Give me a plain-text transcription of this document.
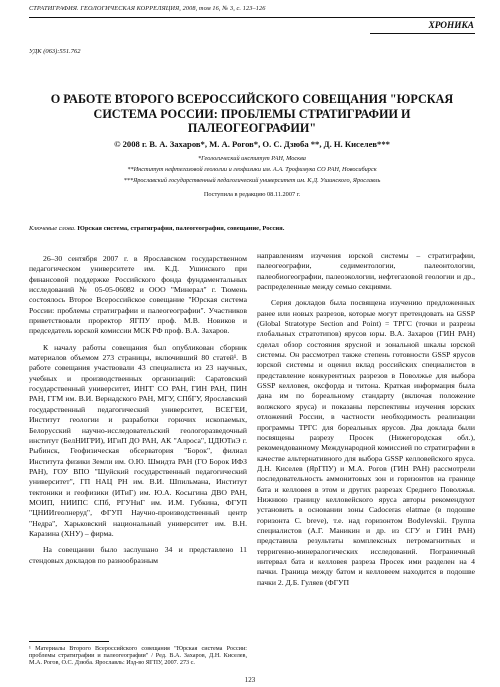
СТРАТИГРАФИЯ. ГЕОЛОГИЧЕСКАЯ КОРРЕЛЯЦИЯ, 2008, том 16, № 3, с. 123–126
ХРОНИКА
УДК (063):551.762
О РАБОТЕ ВТОРОГО ВСЕРОССИЙСКОГО СОВЕЩАНИЯ "ЮРСКАЯ СИСТЕМА РОССИИ: ПРОБЛЕМЫ СТРАТИГРАФИИ И ПАЛЕОГЕОГРАФИИ"
© 2008 г. В. А. Захаров*, М. А. Рогов*, О. С. Дзюба **, Д. Н. Киселев***
*Геологический институт РАН, Москва
**Институт нефтегазовой геологии и геофизики им. А.А. Трофимука СО РАН, Новосибирск
***Ярославский государственный педагогический университет им. К.Д. Ушинского, Ярославль
Поступила в редакцию 08.11.2007 г.
Ключевые слова. Юрская система, стратиграфия, палеогеография, совещание, Россия.

26–30 сентября 2007 г. в Ярославском государственном педагогическом университете им. К.Д. Ушинского при финансовой поддержке Российского фонда фундаментальных исследований № 05-05-06082 и ООО "Минерал" г. Тюмень состоялось Второе Всероссийское совещание "Юрская система России: проблемы стратиграфии и палеогеографии". Участников приветствовали проректор ЯГПУ проф. М.В. Новиков и председатель юрской комиссии МСК РФ проф. В.А. Захаров.

К началу работы совещания был опубликован сборник материалов объемом 273 страницы, включивший 80 статей¹. В работе совещания участвовали 43 специалиста из 23 научных, учебных и производственных организаций: Саратовский государственный университет, ИНГГ СО РАН, ГИН РАН, ПИН РАН, ГГМ им. В.И. Вернадского РАН, МГУ, СПбГУ, Ярославский государственный педагогический университет, ВСЕГЕИ, Институт геологии и разработки горючих ископаемых, Белорусский научно-исследовательский геологоразведочный институт (БелНИГРИ), ИГиП ДО РАН, АК "Алроса", ЦДЮТиЭ г. Рыбинск, Геофизическая обсерватория "Борок", филиал Института физики Земли им. О.Ю. Шмидта РАН (ГО Борок ИФЗ РАН), ГОУ ВПО "Шуйский государственный педагогический университет", ГП НАЦ РН им. В.И. Шпильмана, Институт тектоники и геофизики (ИТиГ) им. Ю.А. Косыгина ДВО РАН, МОИП, НИИПС СПб, РГУНиГ им. И.М. Губкина, ФГУП "ЦНИИгеолнеруд", ФГУП Научно-производственный центр "Недра", Харьковский национальный университет им. В.Н. Каразина (ХНУ) – фирма.

На совещании было заслушано 34 и представлено 11 стендовых докладов по разнообразным

направлениям изучения юрской системы – стратиграфии, палеогеографии, седиментологии, палеонтологии, палеобиогеографии, палеоэкологии, нефтегазовой геологии и др., распределенные между семью секциями.

Серия докладов была посвящена изучению предложенных ранее или новых разрезов, которые могут претендовать на GSSP (Global Stratotype Section and Point) = ТРГС (точки и разрезы глобальных стратотипов) ярусов юры. В.А. Захаров (ГИН РАН) сделал обзор состояния ярусной и зональной шкалы юрской системы. Он рассмотрел также степень готовности GSSP ярусов юрской системы и оценил вклад российских специалистов в представление конкурентных разрезов в Поволжье для выбора GSSP келловея, оксфорда и титона. Краткая информация была дана им по бореальному стандарту (включая положение волжского яруса) и показаны перспективы изучения юрских отложений России, в частности необходимость реализации программы ТРГС для бореальных ярусов. Два доклада были посвящены разрезу Просек (Нижегородская обл.), рекомендованному Международной комиссией по стратиграфии в качестве альтернативного для выбора GSSP келловейского яруса. Д.Н. Киселев (ЯрГПУ) и М.А. Рогов (ГИН РАН) рассмотрели последовательность аммонитовых зон и горизонтов на границе бата и келловея в этом и других разрезах Среднего Поволжья. Нижнюю границу келловейского яруса авторы рекомендуют установить в основании зоны Cadoceras elatmae (в подошве горизонта C. breve), т.е. над горизонтом Bodylevskii. Группа специалистов (А.Г. Маникин и др. из СГУ и ГИН РАН) представила результаты комплексных петромагнитных и терригенно-минералогических исследований. Пограничный интервал бата и келловея разреза Просек ими разделен на 4 пачки. Граница между батом и келловеем находится в подошве пачки 2. Д.Б. Гуляев (ФГУП

¹ Материалы Второго Всероссийского совещания "Юрская система России: проблемы стратиграфии и палеогеографии" / Ред. В.А. Захаров, Д.Н. Киселев, М.А. Рогов, О.С. Дзюба. Ярославль: Изд-во ЯГПУ, 2007. 273 с.
123
